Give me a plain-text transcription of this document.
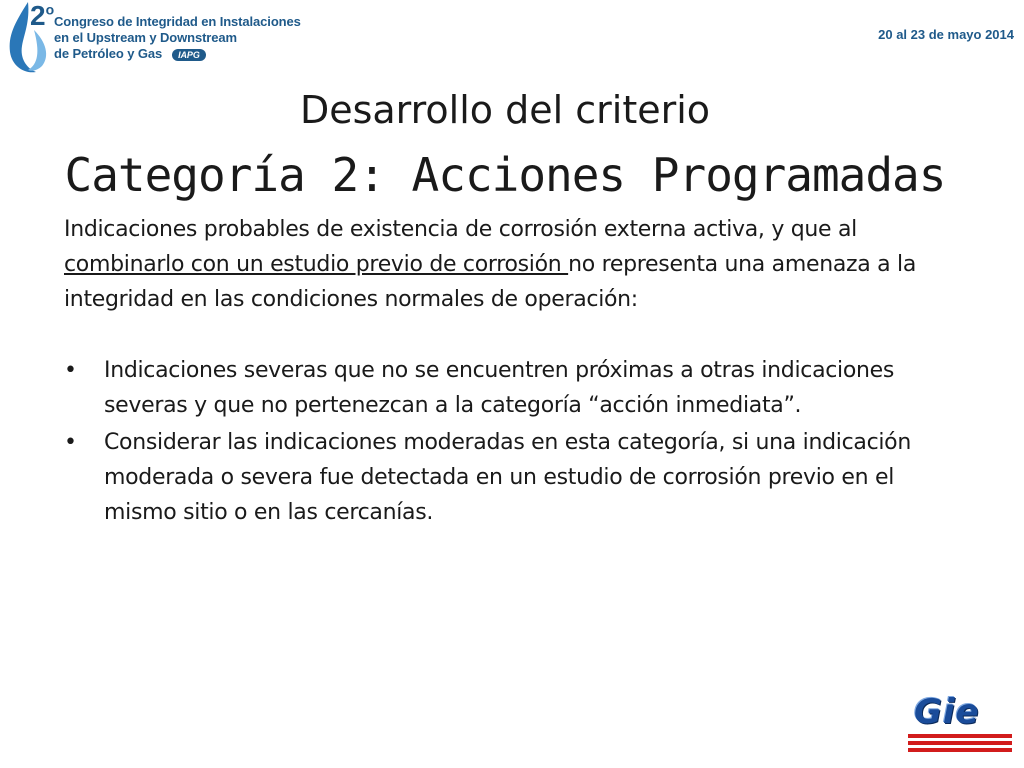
2$^o$
Congreso de Integridad en Instalaciones
en el Upstream y Downstream
de Petróleo y Gas IAPG
20 al 23 de mayo 2014
Desarrollo del criterio
Categoría 2: Acciones Programadas

Indicaciones probables de existencia de corrosión externa activa, y que al combinarlo con un estudio previo de corrosión no representa una amenaza a la integridad en las condiciones normales de operación:

• Indicaciones severas que no se encuentren próximas a otras indicaciones severas y que no pertenezcan a la categoría “acción inmediata”.
• Considerar las indicaciones moderadas en esta categoría, si una indicación moderada o severa fue detectada en un estudio de corrosión previo en el mismo sitio o en las cercanías.
Gie
